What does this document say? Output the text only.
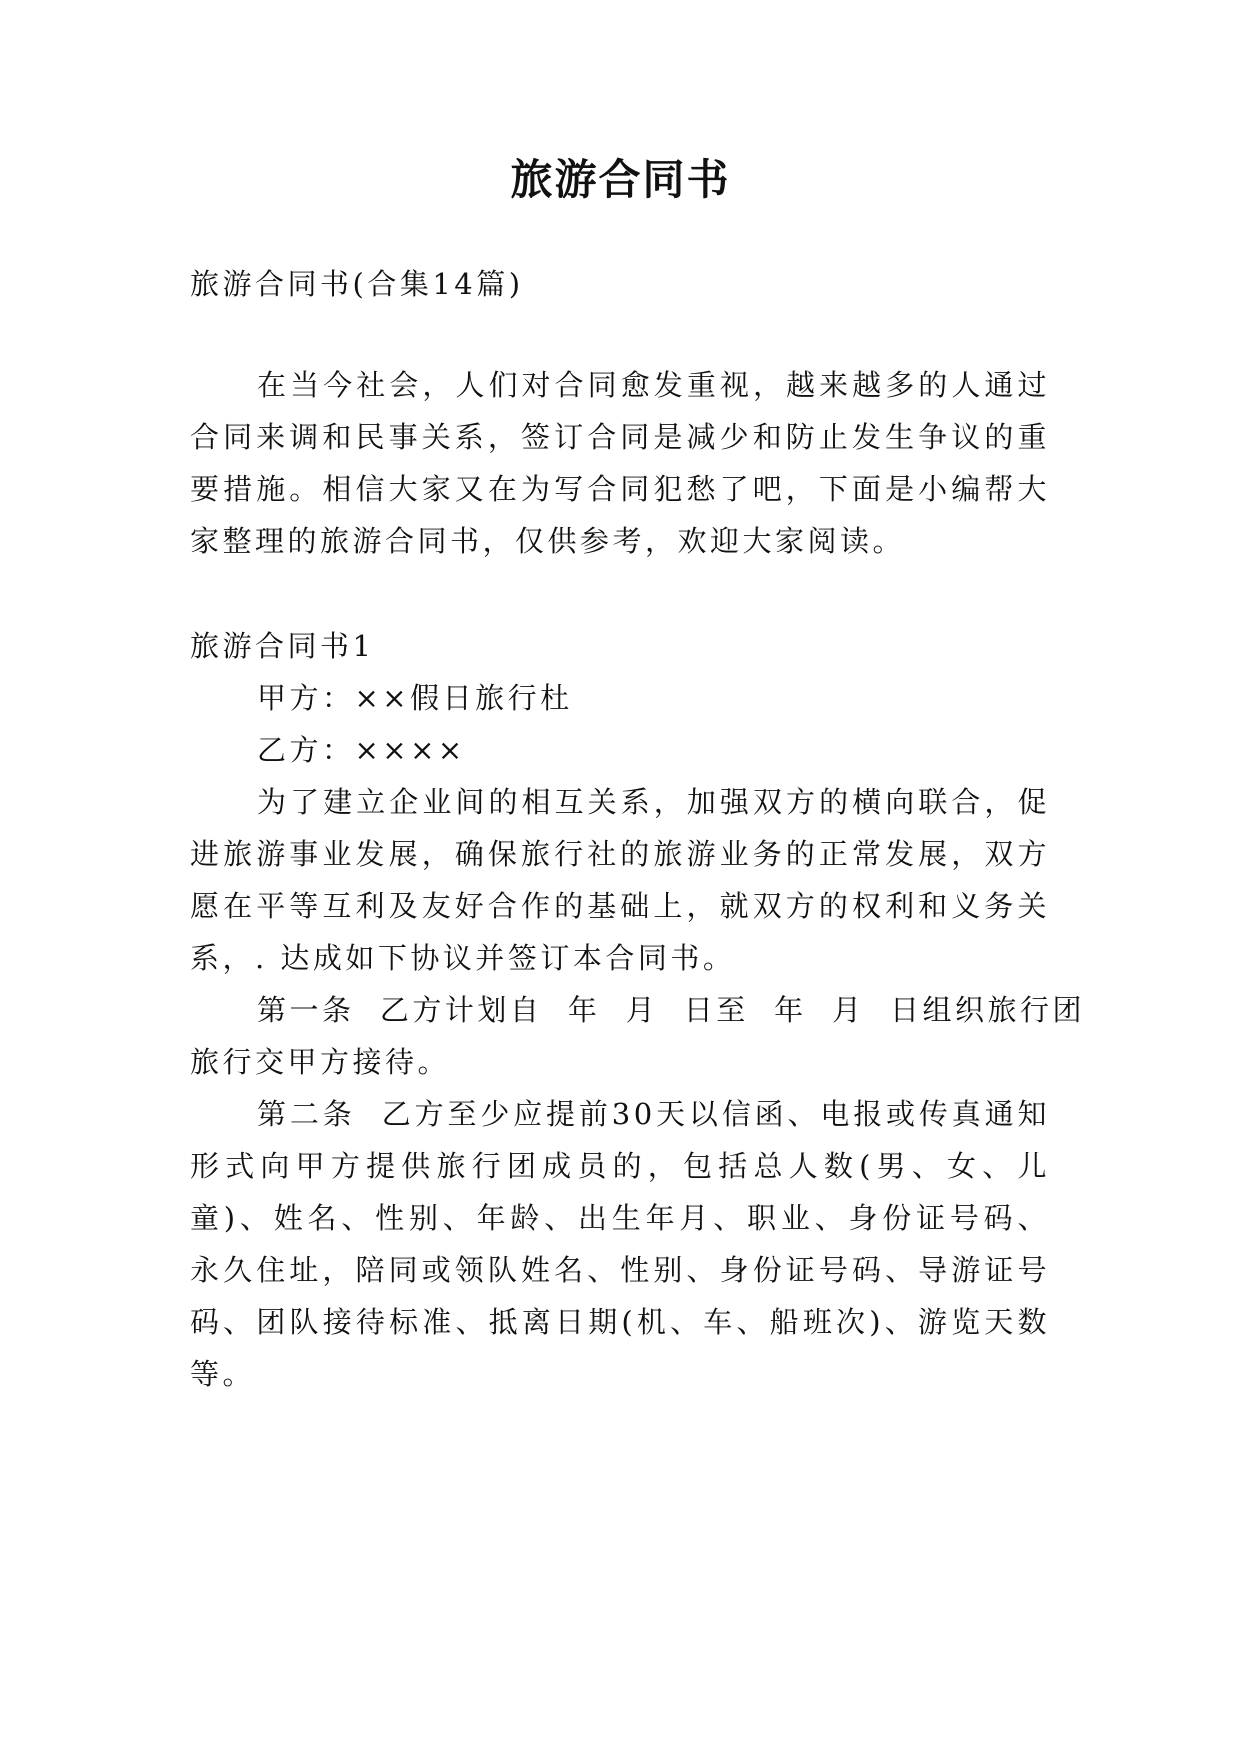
旅游合同书
旅游合同书(合集14篇)
在当今社会，人们对合同愈发重视，越来越多的人通过
合同来调和民事关系，签订合同是减少和防止发生争议的重
要措施。相信大家又在为写合同犯愁了吧，下面是小编帮大
家整理的旅游合同书，仅供参考，欢迎大家阅读。
旅游合同书1
甲方：××假日旅行杜
乙方：××××
为了建立企业间的相互关系，加强双方的横向联合，促
进旅游事业发展，确保旅行社的旅游业务的正常发展，双方
愿在平等互利及友好合作的基础上，就双方的权利和义务关
系，. 达成如下协议并签订本合同书。
第一条  乙方计划自  年  月  日至  年  月  日组织旅行团
旅行交甲方接待。
第二条  乙方至少应提前30天以信函、电报或传真通知
形式向甲方提供旅行团成员的，包括总人数(男、女、儿
童)、姓名、性别、年龄、出生年月、职业、身份证号码、
永久住址，陪同或领队姓名、性别、身份证号码、导游证号
码、团队接待标准、抵离日期(机、车、船班次)、游览天数
等。
